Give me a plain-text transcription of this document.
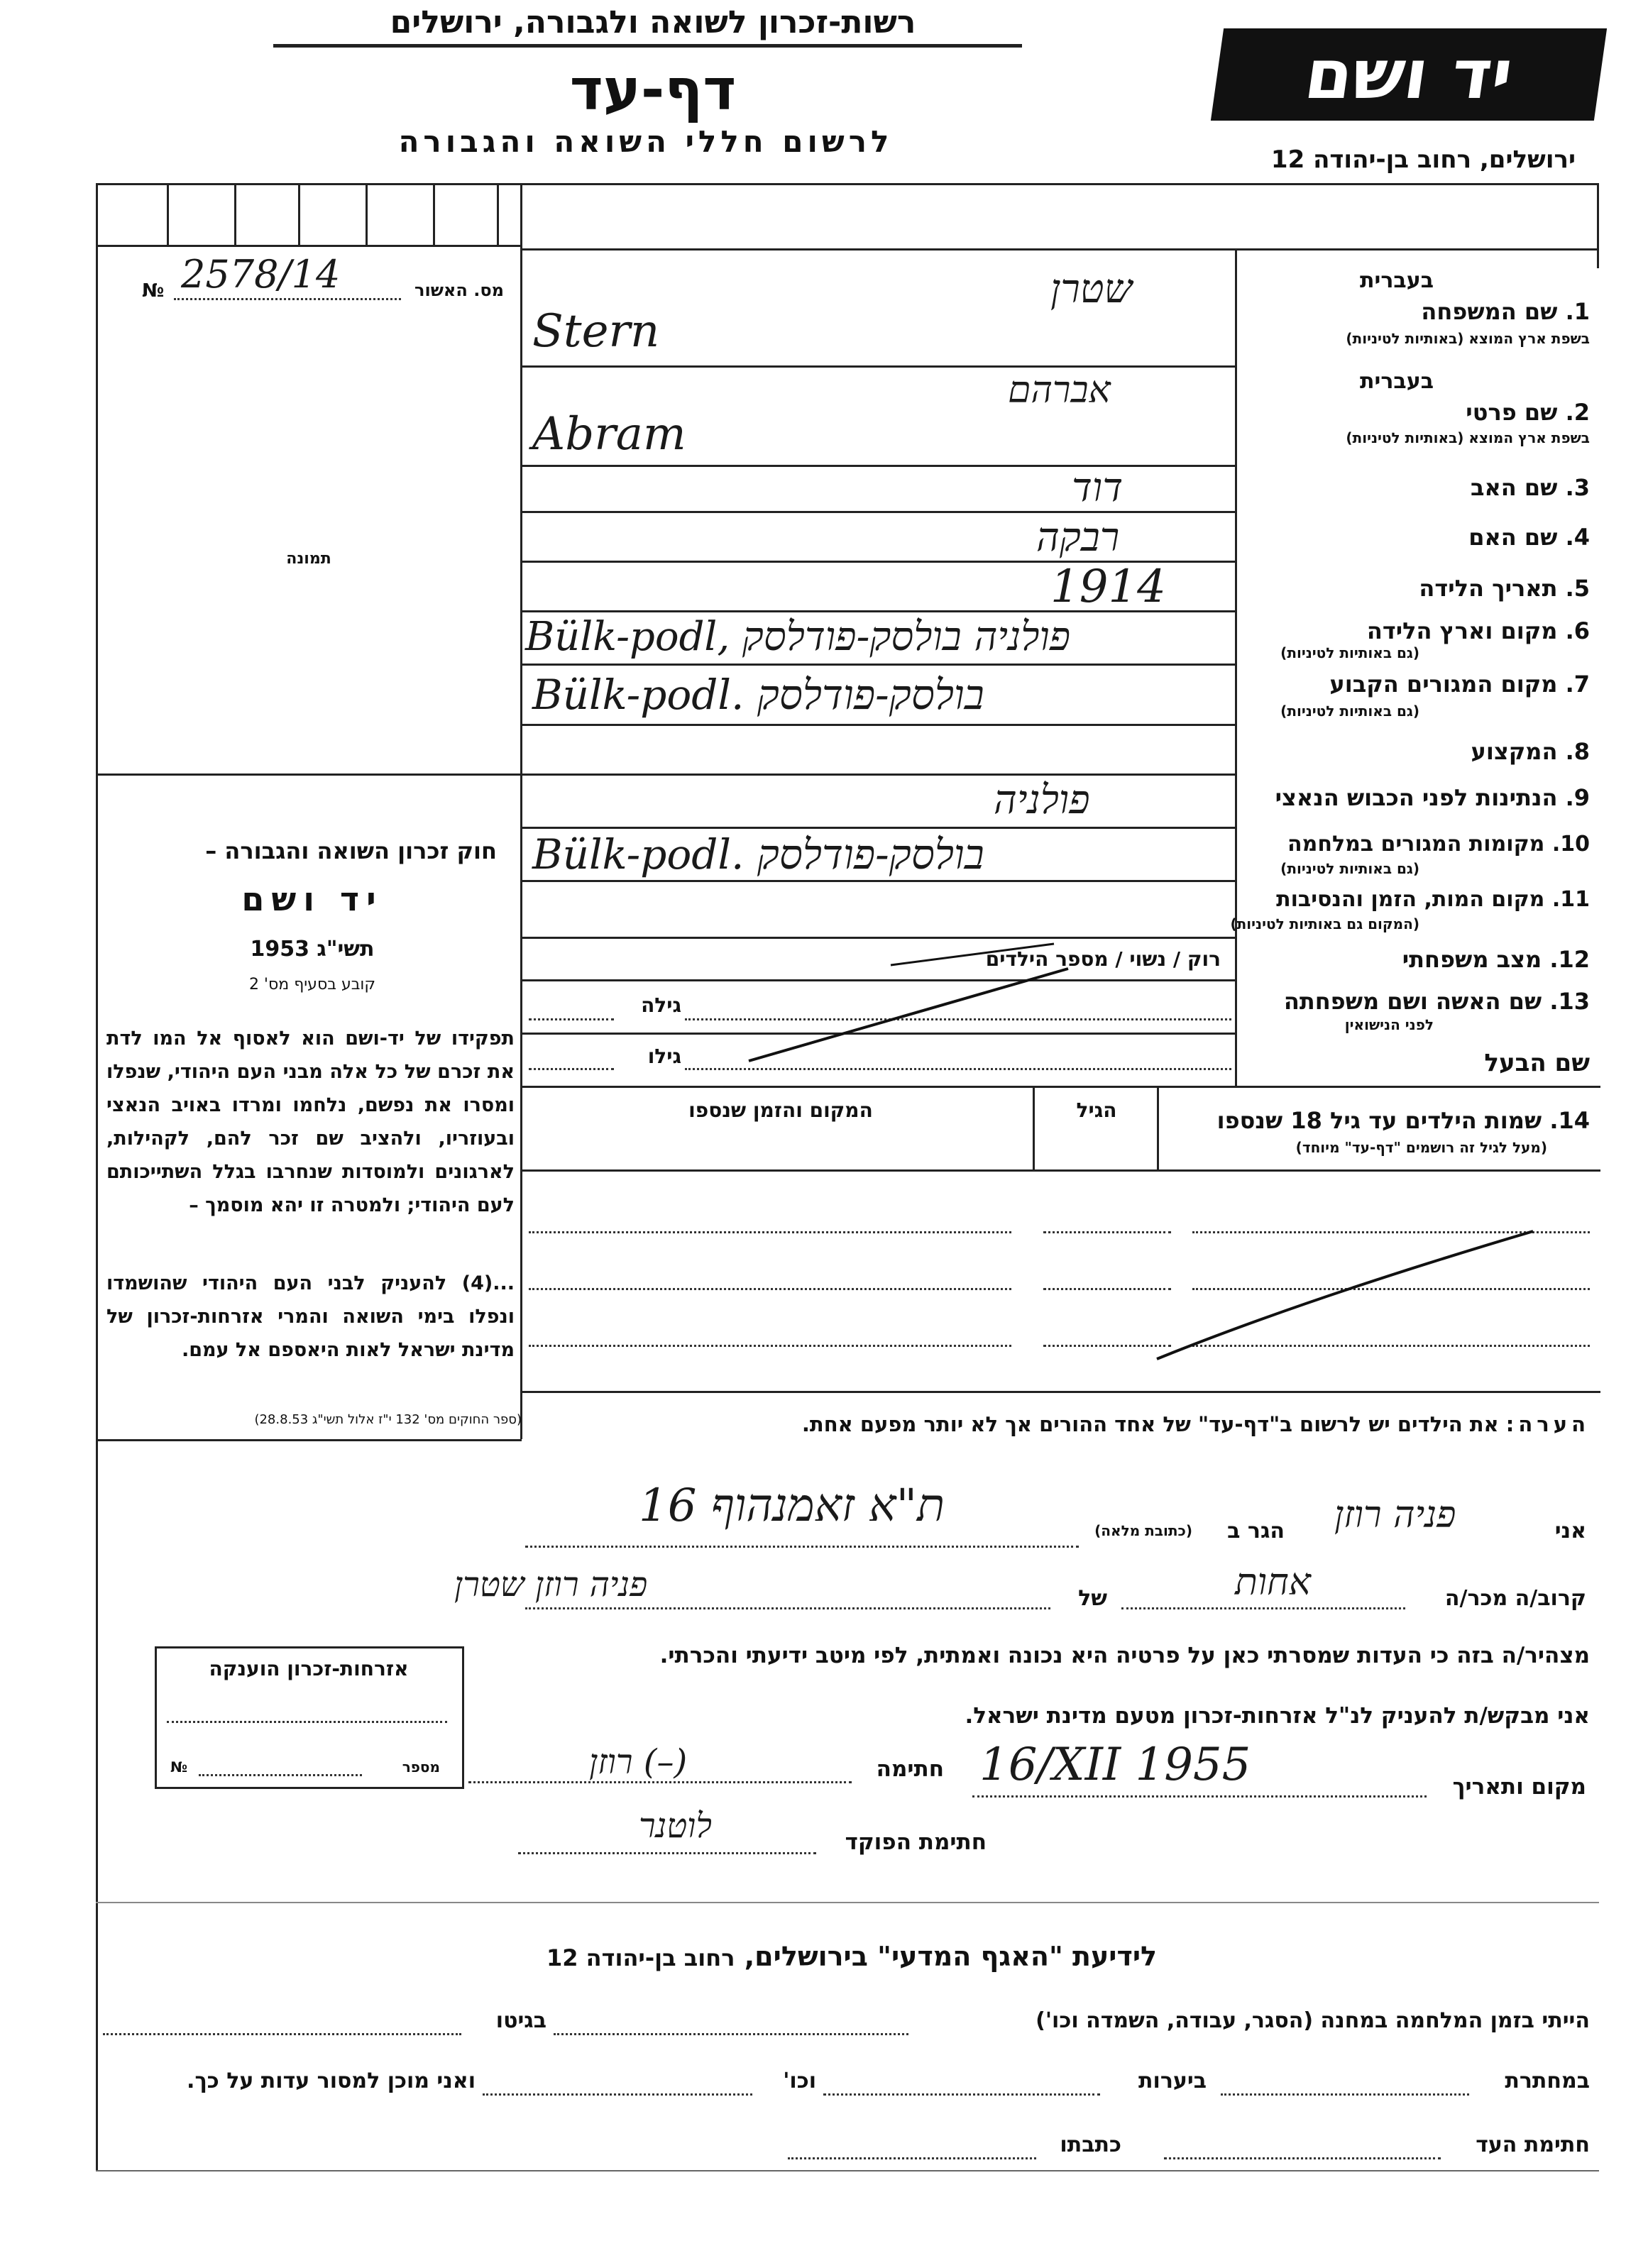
רשות-זכרון לשואה ולגבורה, ירושלים
דף-עד
לרשום חללי השואה והגבורה
יד ושם
ירושלים, רחוב בן-יהודה 12
№ 2578/14	מס. האשור
תמונה
חוק זכרון השואה והגבורה –
יד ושם
תשי"ג 1953
קובע בסעיף מס' 2
תפקידו של יד-ושם הוא לאסוף אל המו לדת את זכרם של כל אלה מבני העם היהודי, שנפלו ומסרו את נפשם, נלחמו ומרדו באויב הנאצי ובעוזריו, ולהציב שם זכר להם, לקהילות, לארגונים ולמוסדות שנחרבו בגלל השתייכותם לעם היהודי; ולמטרה זו יהא מוסמך –
...(4) להעניק לבני העם היהודי שהושמדו ונפלו בימי השואה והמרי אזרחות-זכרון של מדינת ישראל לאות היאספם אל עמם.
(ספר החוקים מס' 132 י"ז אלול תשי"ג 28.8.53)
בעברית
1. שם המשפחה
בשפת ארץ המוצא (באותיות לטיניות)
שטרן
Stern
בעברית
2. שם פרטי
בשפת ארץ המוצא (באותיות לטיניות)
אברהם
Abram
3. שם האב
דוד
4. שם האם
רבקה
5. תאריך הלידה
1914
6. מקום וארץ הלידה
(גם באותיות לטיניות)
Bülk-podl, פולניה בולסק-פודלסק
7. מקום המגורים הקבוע
(גם באותיות לטיניות)
Bülk-podl. בולסק-פודלסק
8. המקצוע
9. הנתינות לפני הכבוש הנאצי
פולניה
10. מקומות המגורים במלחמה
(גם באותיות לטיניות)
Bülk-podl. בולסק-פודלסק
11. מקום המות, הזמן והנסיבות
(המקום גם באותיות לטיניות)
12. מצב משפחתי
רוק / נשוי / מספר הילדים
13. שם האשה ושם משפחתה
לפני הנישואין
גילה
שם הבעל
גילו
14. שמות הילדים עד גיל 18 שנספו
(מעל לגיל זה רושמים "דף-עד" מיוחד)
הגיל
המקום והזמן שנספו
הערה: את הילדים יש לרשום ב"דף-עד" של אחד ההורים אך לא יותר מפעם אחת.
אני
פניה רוזן
הגר ב
(כתובת מלאה)
ת"א זאמנהוף 16
קרוב/ה מכר/ה
אחות
של
פניה רוזן שטרן
מצהיר/ה בזה כי העדות שמסרתי כאן על פרטיה היא נכונה ואמתית, לפי מיטב ידיעתי והכרתי.
אני מבקש/ת להעניק לנ"ל אזרחות-זכרון מטעם מדינת ישראל.
מקום ותאריך
16/XII 1955
חתימה
(–) רוזן
חתימת הפוקד
לוטנר
אזרחות-זכרון הוענקה
מספר
№
לידיעת "האגף המדעי" בירושלים, רחוב בן-יהודה 12
הייתי בזמן המלחמה במחנה (הסגר, עבודה, השמדה וכו')
בגיטו
במחתרת
ביערות
וכו'
ואני מוכן למסור עדות על כך.
חתימת העד
כתבתו
